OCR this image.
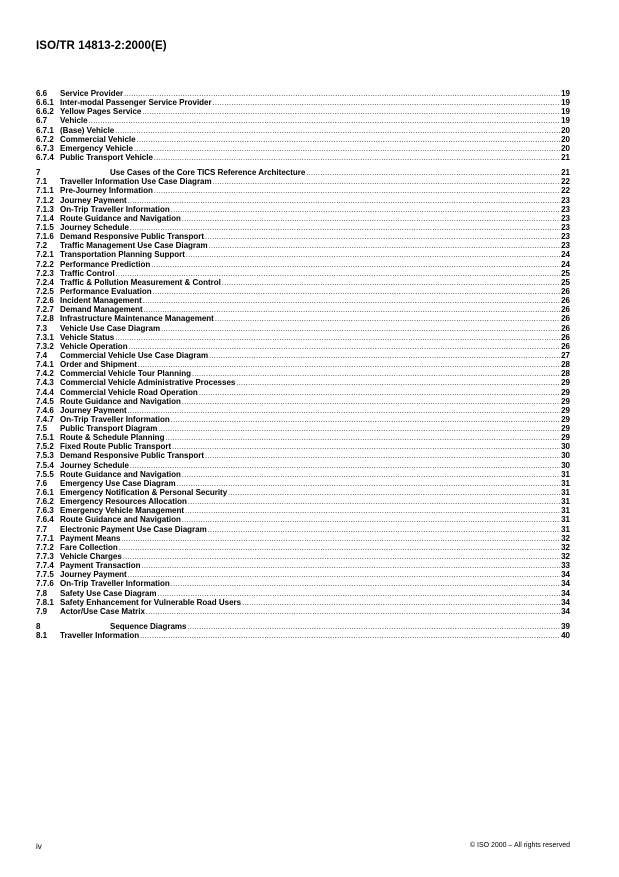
ISO/TR 14813-2:2000(E)
6.6	Service Provider .....	19
6.6.1 Inter-modal Passenger Service Provider .....	19
6.6.2 Yellow Pages Service .....	19
6.7	Vehicle .....	19
6.7.1 (Base) Vehicle .....	20
6.7.2 Commercial Vehicle .....	20
6.7.3 Emergency Vehicle .....	20
6.7.4 Public Transport Vehicle .....	21
7	Use Cases of the Core TICS Reference Architecture .....	21
7.1	Traveller Information Use Case Diagram .....	22
7.1.1 Pre-Journey Information .....	22
7.1.2 Journey Payment .....	23
7.1.3 On-Trip Traveller Information .....	23
7.1.4 Route Guidance and Navigation .....	23
7.1.5 Journey Schedule .....	23
7.1.6 Demand Responsive Public Transport .....	23
7.2	Traffic Management Use Case Diagram .....	23
7.2.1 Transportation Planning Support .....	24
7.2.2 Performance Prediction .....	24
7.2.3 Traffic Control .....	25
7.2.4 Traffic & Pollution Measurement & Control .....	25
7.2.5 Performance Evaluation .....	26
7.2.6 Incident Management .....	26
7.2.7 Demand Management .....	26
7.2.8 Infrastructure Maintenance Management .....	26
7.3	Vehicle Use Case Diagram .....	26
7.3.1 Vehicle Status .....	26
7.3.2 Vehicle Operation .....	26
7.4	Commercial Vehicle Use Case Diagram .....	27
7.4.1 Order and Shipment .....	28
7.4.2 Commercial Vehicle Tour Planning .....	28
7.4.3 Commercial Vehicle Administrative Processes .....	29
7.4.4 Commercial Vehicle Road Operation .....	29
7.4.5 Route Guidance and Navigation .....	29
7.4.6 Journey Payment .....	29
7.4.7 On-Trip Traveller Information .....	29
7.5	Public Transport Diagram .....	29
7.5.1 Route & Schedule Planning .....	29
7.5.2 Fixed Route Public Transport .....	30
7.5.3 Demand Responsive Public Transport .....	30
7.5.4 Journey Schedule .....	30
7.5.5 Route Guidance and Navigation .....	31
7.6	Emergency Use Case Diagram .....	31
7.6.1 Emergency Notification & Personal Security .....	31
7.6.2 Emergency Resources Allocation .....	31
7.6.3 Emergency Vehicle Management .....	31
7.6.4 Route Guidance and Navigation .....	31
7.7	Electronic Payment Use Case Diagram .....	31
7.7.1 Payment Means .....	32
7.7.2 Fare Collection .....	32
7.7.3 Vehicle Charges .....	32
7.7.4 Payment Transaction .....	33
7.7.5 Journey Payment .....	34
7.7.6 On-Trip Traveller Information .....	34
7.8	Safety Use Case Diagram .....	34
7.8.1 Safety Enhancement for Vulnerable Road Users .....	34
7.9	Actor/Use Case Matrix .....	34
8	Sequence Diagrams .....	39
8.1	Traveller Information .....	40
iv	© ISO 2000 – All rights reserved
